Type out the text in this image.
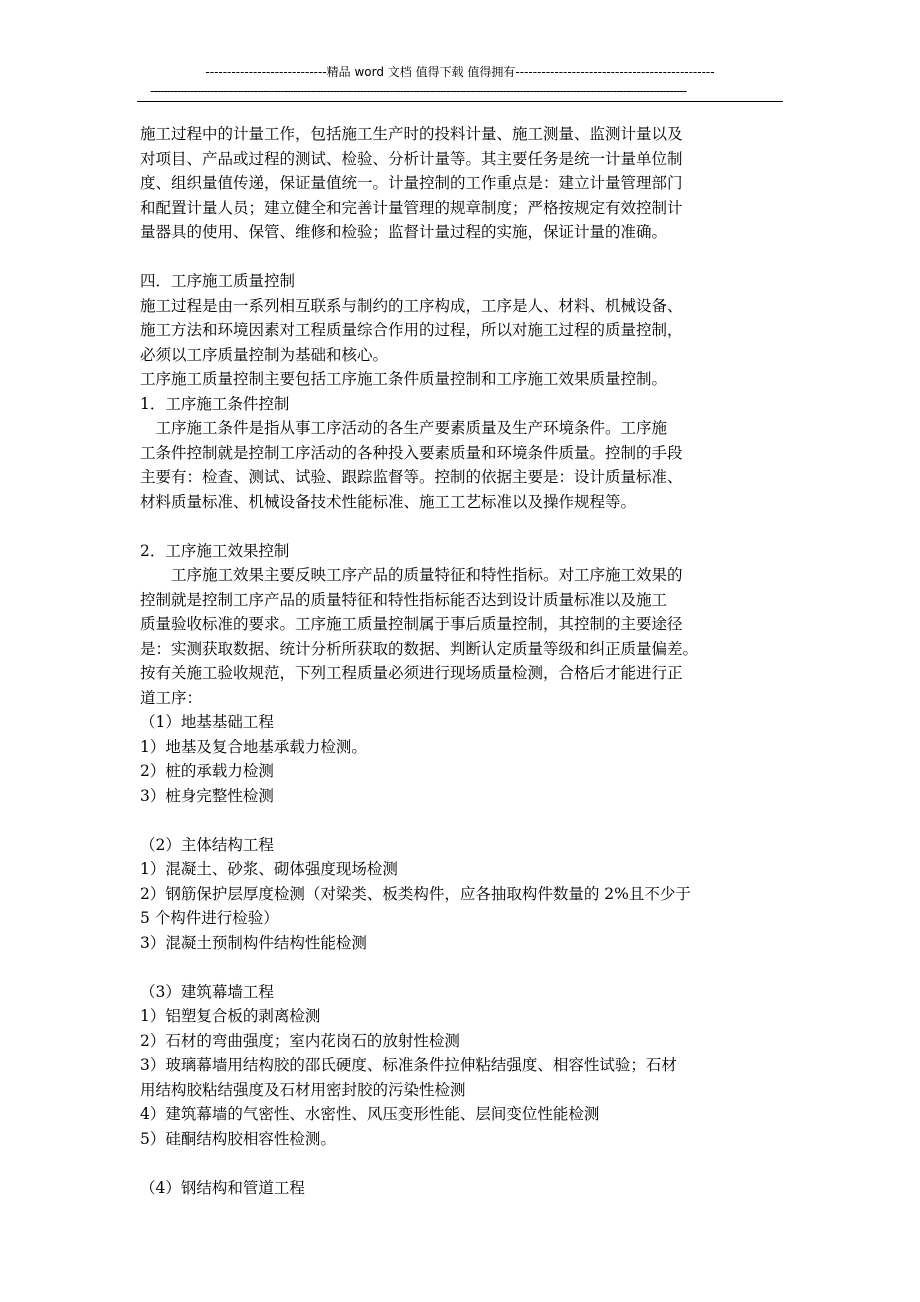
----------------------------精品 word 文档 值得下载 值得拥有----------------------------------------------
-----------------------------------------------------------------------------------------------------------------------------------------------------------------
施工过程中的计量工作，包括施工生产时的投料计量、施工测量、监测计量以及
对项目、产品或过程的测试、检验、分析计量等。其主要任务是统一计量单位制
度、组织量值传递，保证量值统一。计量控制的工作重点是：建立计量管理部门
和配置计量人员；建立健全和完善计量管理的规章制度；严格按规定有效控制计
量器具的使用、保管、维修和检验；监督计量过程的实施，保证计量的准确。
四．工序施工质量控制
施工过程是由一系列相互联系与制约的工序构成，工序是人、材料、机械设备、
施工方法和环境因素对工程质量综合作用的过程，所以对施工过程的质量控制，
必须以工序质量控制为基础和核心。
工序施工质量控制主要包括工序施工条件质量控制和工序施工效果质量控制。
1．工序施工条件控制
　工序施工条件是指从事工序活动的各生产要素质量及生产环境条件。工序施
工条件控制就是控制工序活动的各种投入要素质量和环境条件质量。控制的手段
主要有：检查、测试、试验、跟踪监督等。控制的依据主要是：设计质量标准、
材料质量标准、机械设备技术性能标准、施工工艺标准以及操作规程等。
2．工序施工效果控制
　　工序施工效果主要反映工序产品的质量特征和特性指标。对工序施工效果的
控制就是控制工序产品的质量特征和特性指标能否达到设计质量标准以及施工
质量验收标准的要求。工序施工质量控制属于事后质量控制，其控制的主要途径
是：实测获取数据、统计分析所获取的数据、判断认定质量等级和纠正质量偏差。
按有关施工验收规范，下列工程质量必须进行现场质量检测，合格后才能进行正
道工序：
（1）地基基础工程
1）地基及复合地基承载力检测。
2）桩的承载力检测
3）桩身完整性检测
（2）主体结构工程
1）混凝土、砂浆、砌体强度现场检测
2）钢筋保护层厚度检测（对梁类、板类构件，应各抽取构件数量的 2%且不少于
5 个构件进行检验）
3）混凝土预制构件结构性能检测
（3）建筑幕墙工程
1）铝塑复合板的剥离检测
2）石材的弯曲强度；室内花岗石的放射性检测
3）玻璃幕墙用结构胶的邵氏硬度、标准条件拉伸粘结强度、相容性试验；石材
用结构胶粘结强度及石材用密封胶的污染性检测
4）建筑幕墙的气密性、水密性、风压变形性能、层间变位性能检测
5）硅酮结构胶相容性检测。
（4）钢结构和管道工程
